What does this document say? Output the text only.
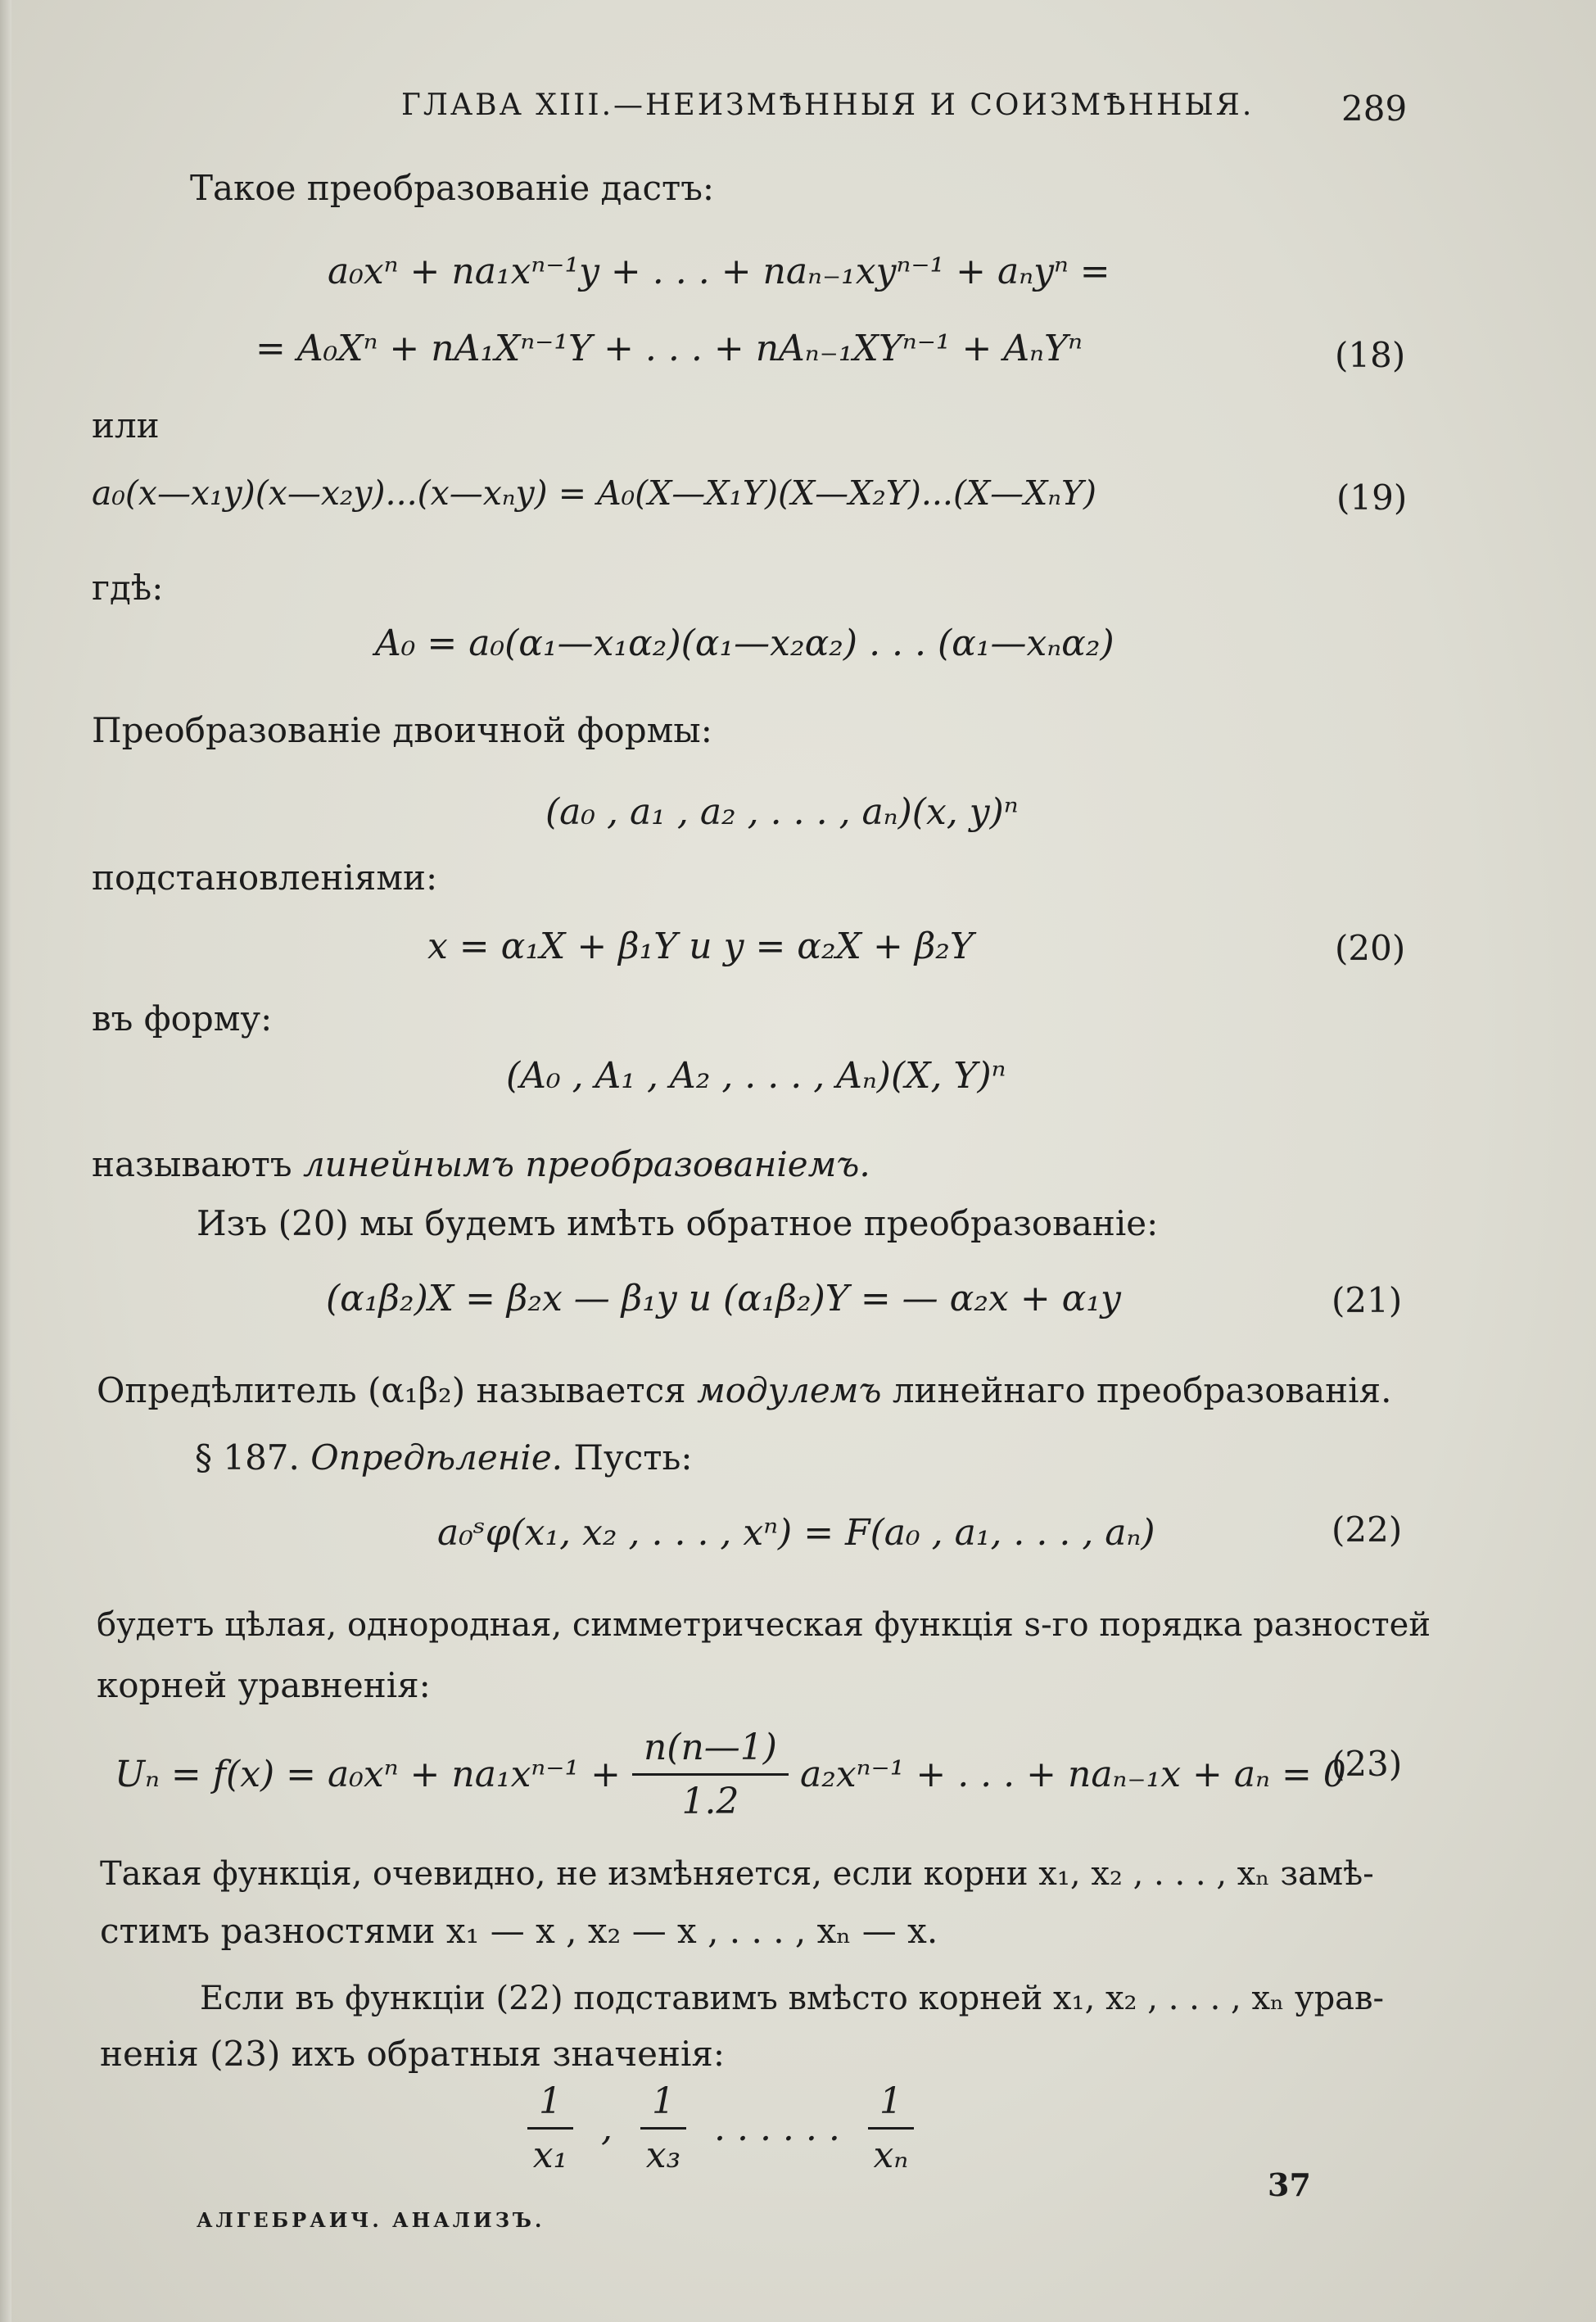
ГЛАВА XIII.—НЕИЗМѢННЫЯ И СОИЗМѢННЫЯ.	289
Такое преобразованіе дастъ:
a₀xⁿ + na₁xⁿ⁻¹y + . . . + naₙ₋₁xyⁿ⁻¹ + aₙyⁿ =
= A₀Xⁿ + nA₁Xⁿ⁻¹Y + . . . + nAₙ₋₁XYⁿ⁻¹ + AₙYⁿ	(18)
или
a₀(x—x₁y)(x—x₂y)...(x—xₙy) = A₀(X—X₁Y)(X—X₂Y)...(X—XₙY)	(19)
гдѣ:
A₀ = a₀(α₁—x₁α₂)(α₁—x₂α₂) . . . (α₁—xₙα₂)
Преобразованіе двоичной формы:
(a₀ , a₁ , a₂ , . . . , aₙ)(x, y)ⁿ
подстановленіями:
x = α₁X + β₁Y и y = α₂X + β₂Y	(20)
въ форму:
(A₀ , A₁ , A₂ , . . . , Aₙ)(X, Y)ⁿ
называютъ линейнымъ преобразованіемъ.
Изъ (20) мы будемъ имѣть обратное преобразованіе:
(α₁β₂)X = β₂x — β₁y и (α₁β₂)Y = — α₂x + α₁y	(21)
Опредѣлитель (α₁β₂) называется модулемъ линейнаго преобразованія.
§ 187. Опредѣленіе. Пусть:
a₀ˢφ(x₁, x₂ , . . . , xⁿ) = F(a₀ , a₁, . . . , aₙ)	(22)
будетъ цѣлая, однородная, симметрическая функція s-го порядка разностей
корней уравненія:
$U_n = f(x) = a_0x^n + na_1x^{n-1} + \frac{n(n—1)}{1.2} a_2x^{n-1}$ + . . . + naₙ₋₁x + aₙ = 0
(23)
Такая функція, очевидно, не измѣняется, если корни x₁, x₂ , . . . , xₙ замѣ-
стимъ разностями x₁ — x , x₂ — x , . . . , xₙ — x.
Если въ функціи (22) подставимъ вмѣсто корней x₁, x₂ , . . . , xₙ урав-
ненія (23) ихъ обратныя значенія:
$\frac{1}{\text{x₁}}$ , $\frac{1}{\text{x₃}}$ . . . . . . $\frac{1}{\text{xₙ}}$
37
АЛГЕБРАИЧ. АНАЛИЗЪ.
